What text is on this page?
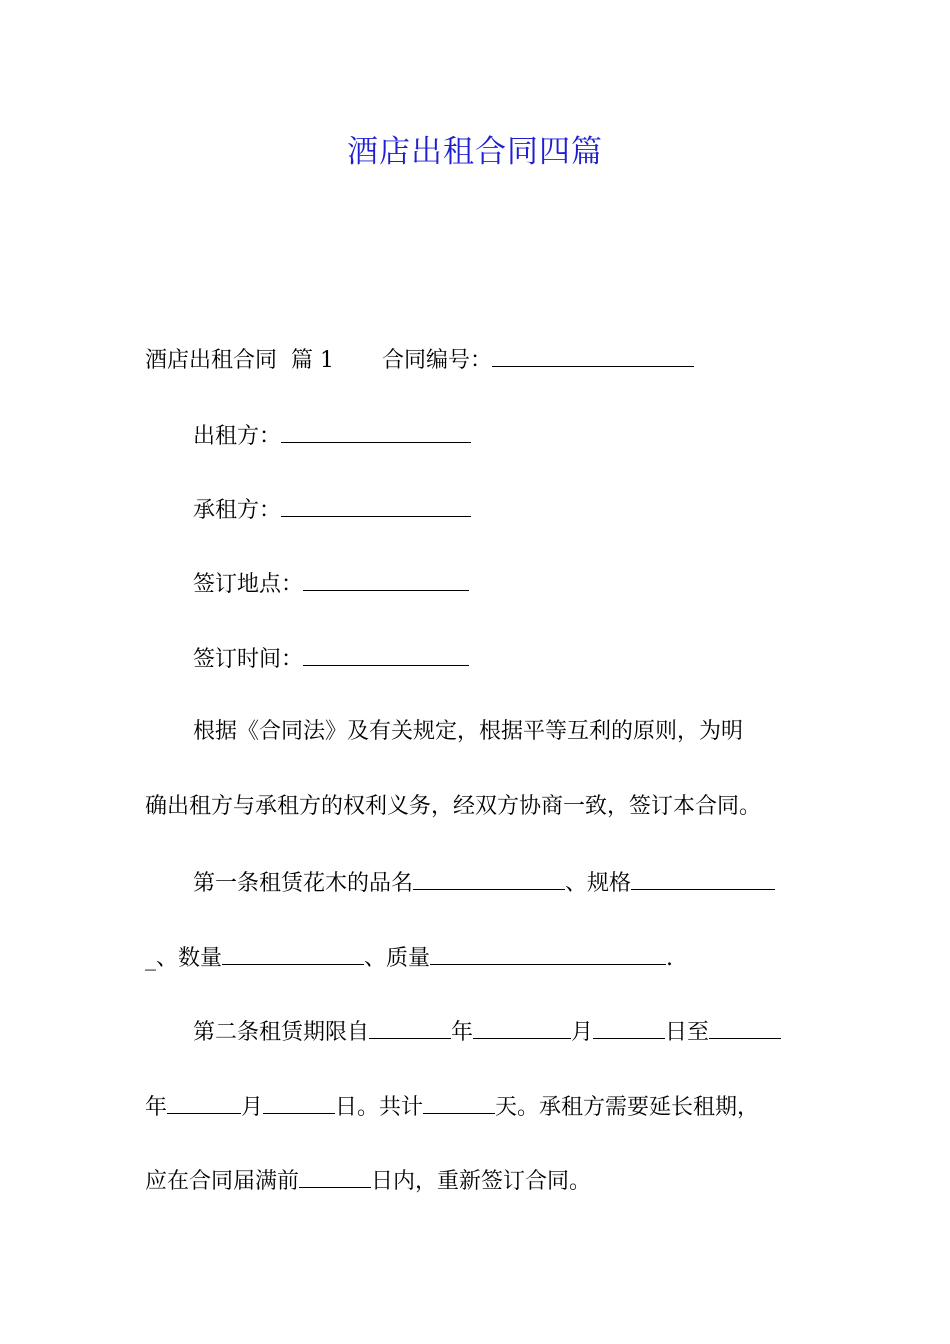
酒店出租合同四篇
酒店出租合同  篇 1 合同编号：
出租方：
承租方：
签订地点：
签订时间：
根据《合同法》及有关规定，根据平等互利的原则，为明
确出租方与承租方的权利义务，经双方协商一致，签订本合同。
第一条租赁花木的品名	、规格
_、数量	、质量	.
第二条租赁期限自	年	月	日至
年	月	日。共计	天。承租方需要延长租期，
应在合同届满前	日内，重新签订合同。
